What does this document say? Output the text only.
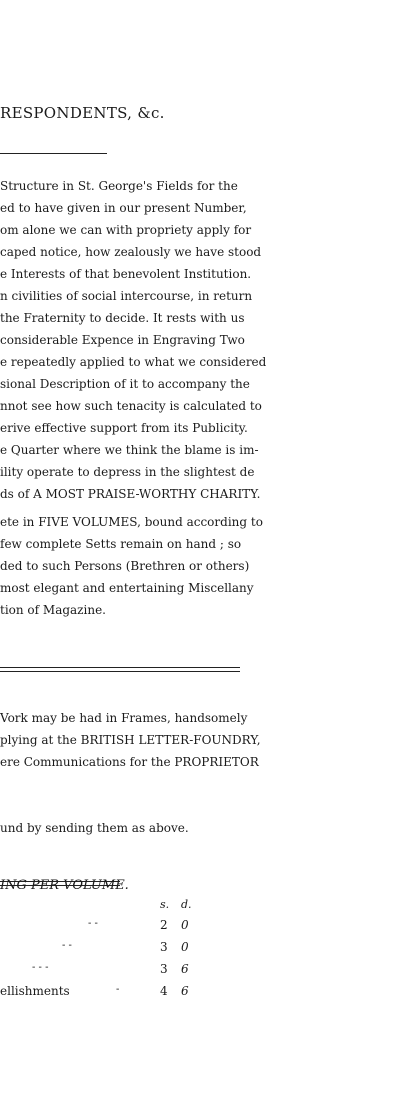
RESPONDENTS, &c.
Structure in St. George's Fields for the
ed to have given in our present Number,
om alone we can with propriety apply for
caped notice, how zealously we have stood
e Interests of that benevolent Institution.
n civilities of social intercourse, in return
the Fraternity to decide. It rests with us
considerable Expence in Engraving Two
e repeatedly applied to what we considered
sional Description of it to accompany the
nnot see how such tenacity is calculated to
erive effective support from its Publicity.
e Quarter where we think the blame is im-
ility operate to depress in the slightest de
ds of A MOST PRAISE-WORTHY CHARITY.
ete in FIVE VOLUMES, bound according to
few complete Setts remain on hand ; so
ded to such Persons (Brethren or others)
most elegant and entertaining Miscellany
tion of Magazine.
Vork may be had in Frames, handsomely
plying at the BRITISH LETTER-FOUNDRY,
ere Communications for the PROPRIETOR
und by sending them as above.
ING PER VOLUME.
s. d.
- -	2 0
- -	3 0
- - -	3 6
ellishments	-	4 6
